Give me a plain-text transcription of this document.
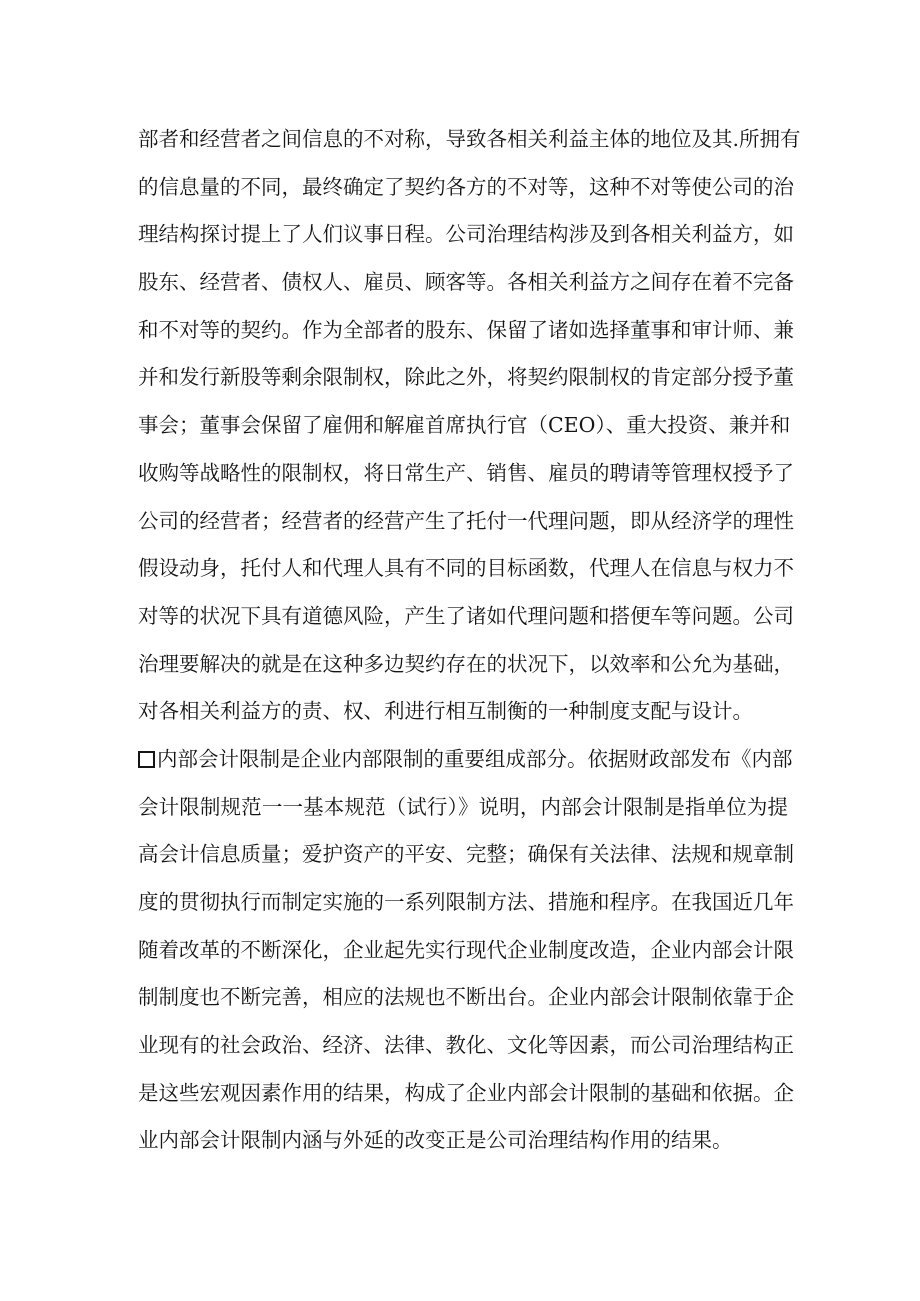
部者和经营者之间信息的不对称，导致各相关利益主体的地位及其.所拥有
的信息量的不同，最终确定了契约各方的不对等，这种不对等使公司的治
理结构探讨提上了人们议事日程。公司治理结构涉及到各相关利益方，如
股东、经营者、债权人、雇员、顾客等。各相关利益方之间存在着不完备
和不对等的契约。作为全部者的股东、保留了诸如选择董事和审计师、兼
并和发行新股等剩余限制权，除此之外，将契约限制权的肯定部分授予董
事会；董事会保留了雇佣和解雇首席执行官（CEO）、重大投资、兼并和
收购等战略性的限制权，将日常生产、销售、雇员的聘请等管理权授予了
公司的经营者；经营者的经营产生了托付一代理问题，即从经济学的理性
假设动身，托付人和代理人具有不同的目标函数，代理人在信息与权力不
对等的状况下具有道德风险，产生了诸如代理问题和搭便车等问题。公司
治理要解决的就是在这种多边契约存在的状况下，以效率和公允为基础，
对各相关利益方的责、权、利进行相互制衡的一种制度支配与设计。
内部会计限制是企业内部限制的重要组成部分。依据财政部发布《内部
会计限制规范一一基本规范（试行）》说明，内部会计限制是指单位为提
高会计信息质量；爱护资产的平安、完整；确保有关法律、法规和规章制
度的贯彻执行而制定实施的一系列限制方法、措施和程序。在我国近几年
随着改革的不断深化，企业起先实行现代企业制度改造，企业内部会计限
制制度也不断完善，相应的法规也不断出台。企业内部会计限制依靠于企
业现有的社会政治、经济、法律、教化、文化等因素，而公司治理结构正
是这些宏观因素作用的结果，构成了企业内部会计限制的基础和依据。企
业内部会计限制内涵与外延的改变正是公司治理结构作用的结果。
